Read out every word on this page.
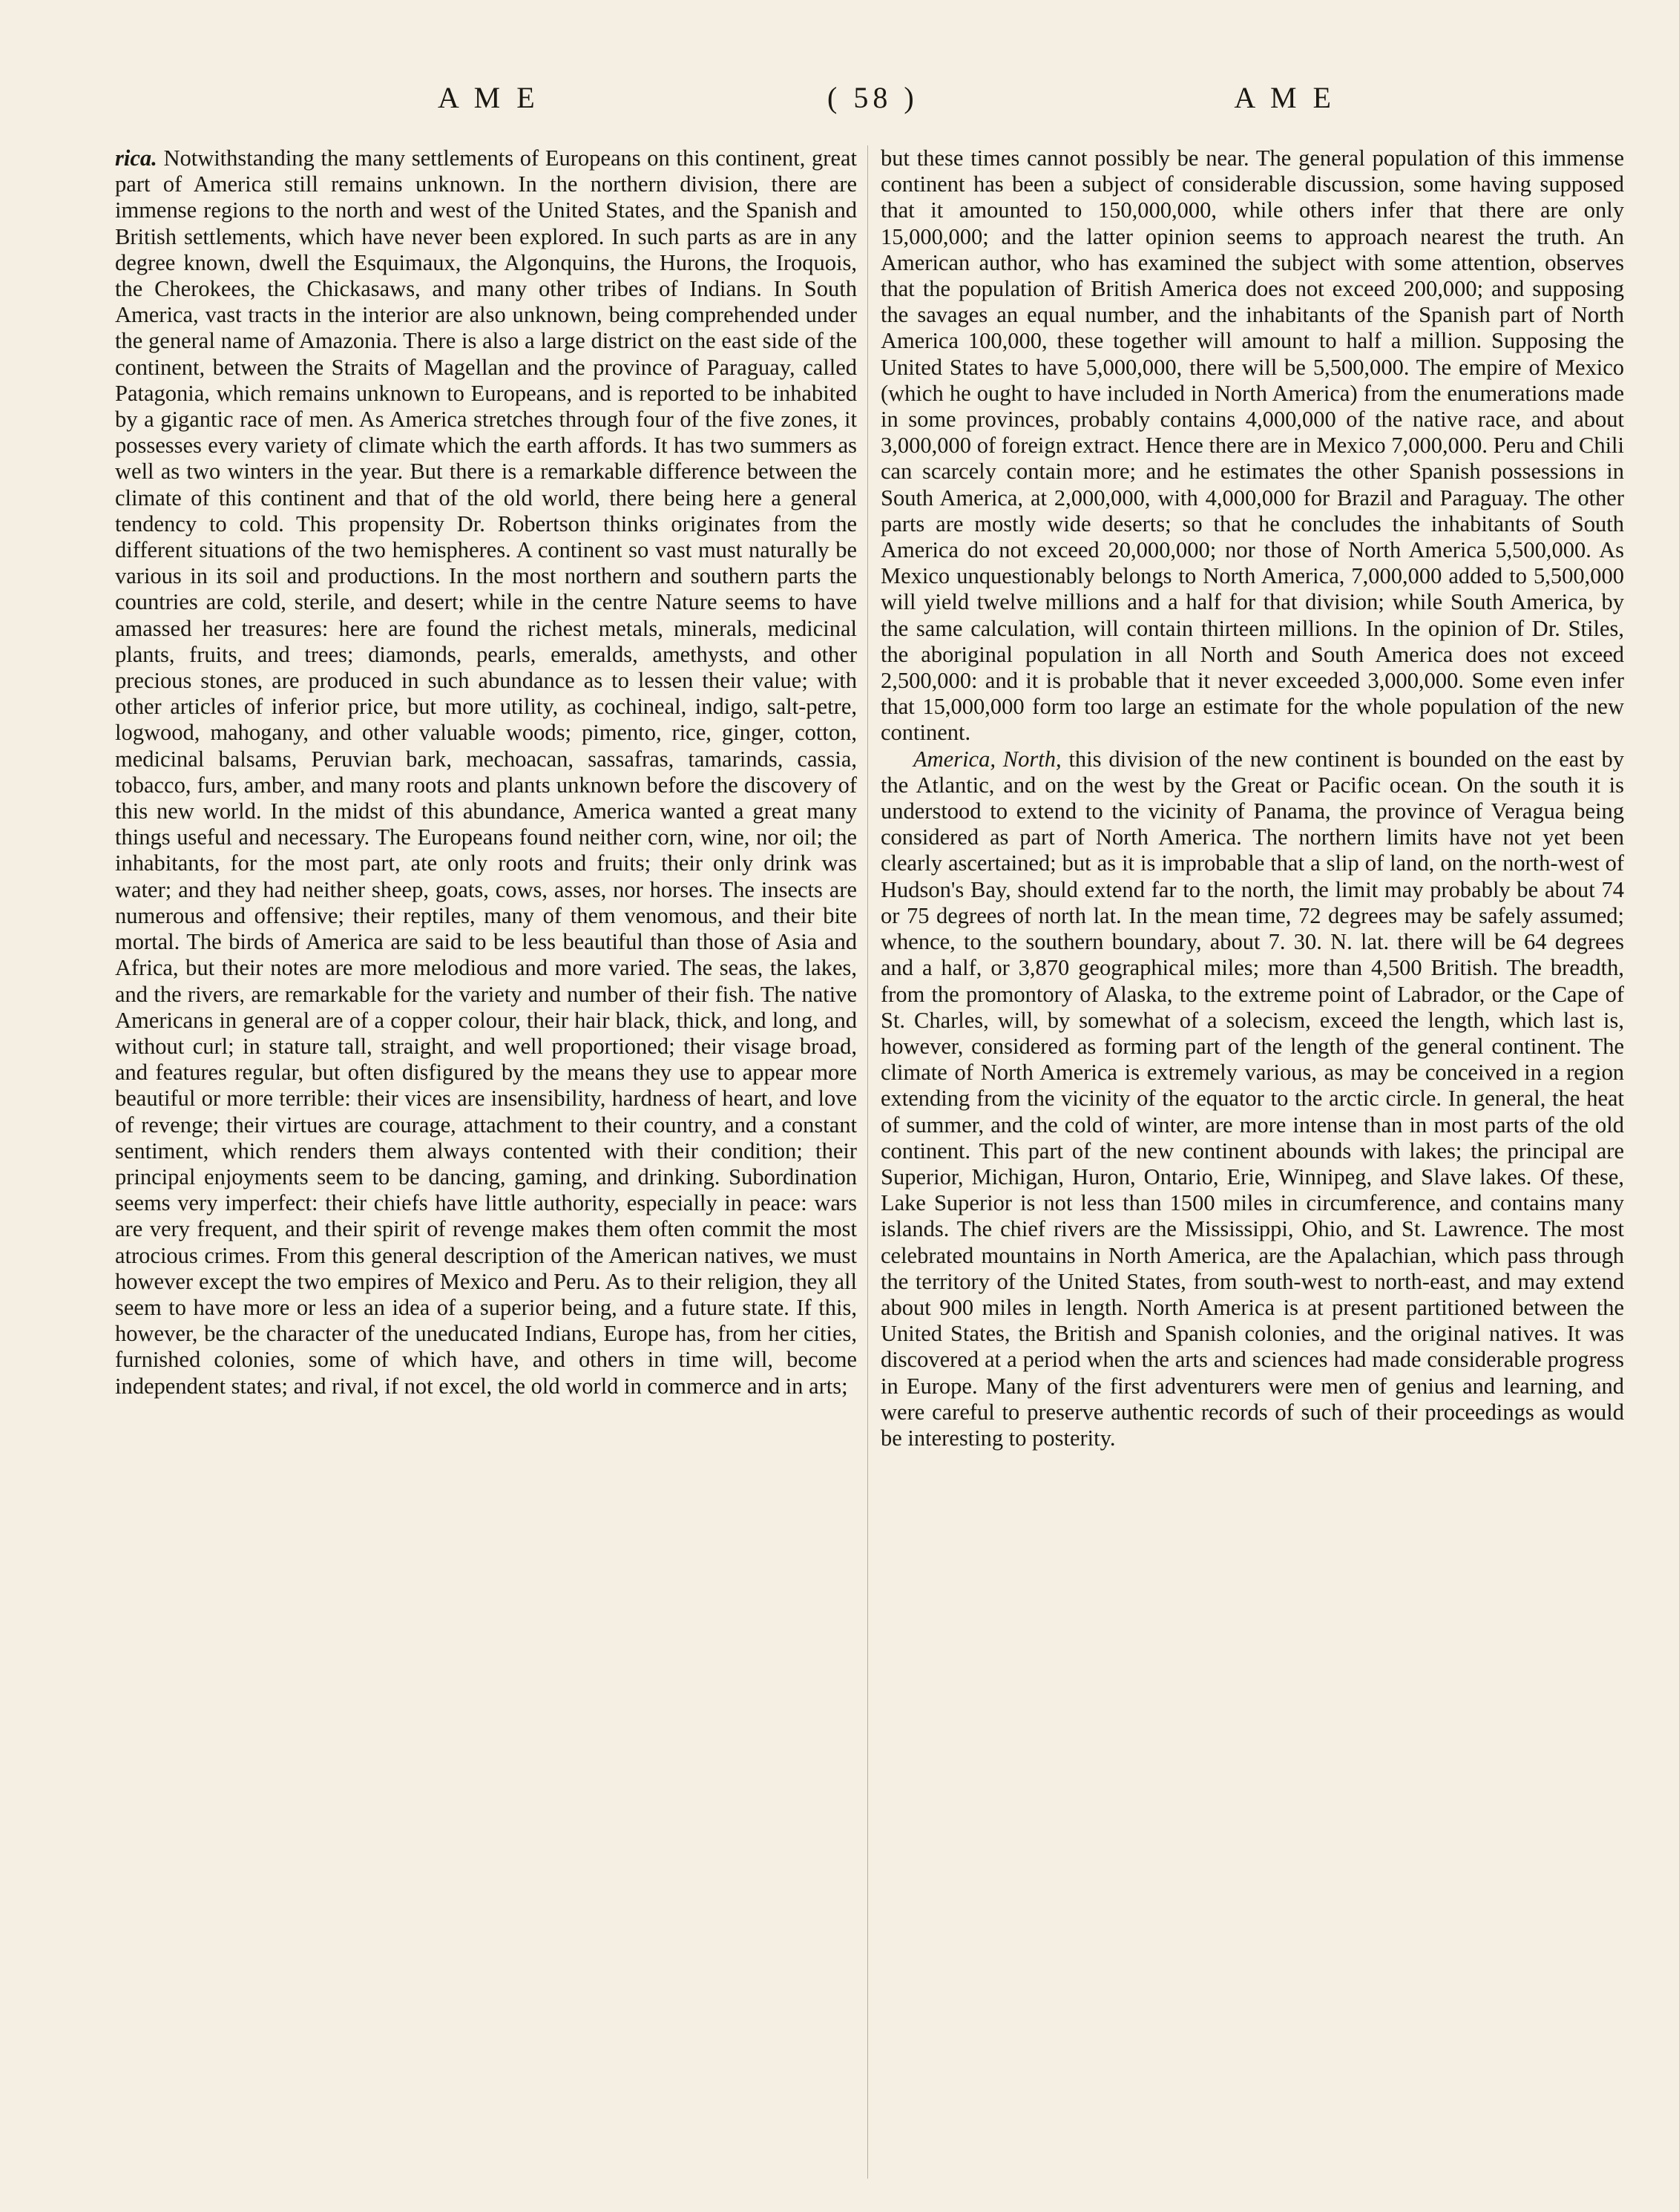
A M E	( 58 )	A M E

rica. Notwithstanding the many settlements of Europeans on this continent, great part of America still remains unknown. In the northern division, there are immense regions to the north and west of the United States, and the Spanish and British settlements, which have never been explored. In such parts as are in any degree known, dwell the Esquimaux, the Algonquins, the Hurons, the Iroquois, the Cherokees, the Chickasaws, and many other tribes of Indians. In South America, vast tracts in the interior are also unknown, being comprehended under the general name of Amazonia. There is also a large district on the east side of the continent, between the Straits of Magellan and the province of Paraguay, called Patagonia, which remains unknown to Europeans, and is reported to be inhabited by a gigantic race of men. As America stretches through four of the five zones, it possesses every variety of climate which the earth affords. It has two summers as well as two winters in the year. But there is a remarkable difference between the climate of this continent and that of the old world, there being here a general tendency to cold. This propensity Dr. Robertson thinks originates from the different situations of the two hemispheres. A continent so vast must naturally be various in its soil and productions. In the most northern and southern parts the countries are cold, sterile, and desert; while in the centre Nature seems to have amassed her treasures: here are found the richest metals, minerals, medicinal plants, fruits, and trees; diamonds, pearls, emeralds, amethysts, and other precious stones, are produced in such abundance as to lessen their value; with other articles of inferior price, but more utility, as cochineal, indigo, salt-petre, logwood, mahogany, and other valuable woods; pimento, rice, ginger, cotton, medicinal balsams, Peruvian bark, mechoacan, sassafras, tamarinds, cassia, tobacco, furs, amber, and many roots and plants unknown before the discovery of this new world. In the midst of this abundance, America wanted a great many things useful and necessary. The Europeans found neither corn, wine, nor oil; the inhabitants, for the most part, ate only roots and fruits; their only drink was water; and they had neither sheep, goats, cows, asses, nor horses. The insects are numerous and offensive; their reptiles, many of them venomous, and their bite mortal. The birds of America are said to be less beautiful than those of Asia and Africa, but their notes are more melodious and more varied. The seas, the lakes, and the rivers, are remarkable for the variety and number of their fish. The native Americans in general are of a copper colour, their hair black, thick, and long, and without curl; in stature tall, straight, and well proportioned; their visage broad, and features regular, but often disfigured by the means they use to appear more beautiful or more terrible: their vices are insensibility, hardness of heart, and love of revenge; their virtues are courage, attachment to their country, and a constant sentiment, which renders them always contented with their condition; their principal enjoyments seem to be dancing, gaming, and drinking. Subordination seems very imperfect: their chiefs have little authority, especially in peace: wars are very frequent, and their spirit of revenge makes them often commit the most atrocious crimes. From this general description of the American natives, we must however except the two empires of Mexico and Peru. As to their religion, they all seem to have more or less an idea of a superior being, and a future state. If this, however, be the character of the uneducated Indians, Europe has, from her cities, furnished colonies, some of which have, and others in time will, become independent states; and rival, if not excel, the old world in commerce and in arts;

but these times cannot possibly be near. The general population of this immense continent has been a subject of considerable discussion, some having supposed that it amounted to 150,000,000, while others infer that there are only 15,000,000; and the latter opinion seems to approach nearest the truth. An American author, who has examined the subject with some attention, observes that the population of British America does not exceed 200,000; and supposing the savages an equal number, and the inhabitants of the Spanish part of North America 100,000, these together will amount to half a million. Supposing the United States to have 5,000,000, there will be 5,500,000. The empire of Mexico (which he ought to have included in North America) from the enumerations made in some provinces, probably contains 4,000,000 of the native race, and about 3,000,000 of foreign extract. Hence there are in Mexico 7,000,000. Peru and Chili can scarcely contain more; and he estimates the other Spanish possessions in South America, at 2,000,000, with 4,000,000 for Brazil and Paraguay. The other parts are mostly wide deserts; so that he concludes the inhabitants of South America do not exceed 20,000,000; nor those of North America 5,500,000. As Mexico unquestionably belongs to North America, 7,000,000 added to 5,500,000 will yield twelve millions and a half for that division; while South America, by the same calculation, will contain thirteen millions. In the opinion of Dr. Stiles, the aboriginal population in all North and South America does not exceed 2,500,000: and it is probable that it never exceeded 3,000,000. Some even infer that 15,000,000 form too large an estimate for the whole population of the new continent.

America, North, this division of the new continent is bounded on the east by the Atlantic, and on the west by the Great or Pacific ocean. On the south it is understood to extend to the vicinity of Panama, the province of Veragua being considered as part of North America. The northern limits have not yet been clearly ascertained; but as it is improbable that a slip of land, on the north-west of Hudson's Bay, should extend far to the north, the limit may probably be about 74 or 75 degrees of north lat. In the mean time, 72 degrees may be safely assumed; whence, to the southern boundary, about 7. 30. N. lat. there will be 64 degrees and a half, or 3,870 geographical miles; more than 4,500 British. The breadth, from the promontory of Alaska, to the extreme point of Labrador, or the Cape of St. Charles, will, by somewhat of a solecism, exceed the length, which last is, however, considered as forming part of the length of the general continent. The climate of North America is extremely various, as may be conceived in a region extending from the vicinity of the equator to the arctic circle. In general, the heat of summer, and the cold of winter, are more intense than in most parts of the old continent. This part of the new continent abounds with lakes; the principal are Superior, Michigan, Huron, Ontario, Erie, Winnipeg, and Slave lakes. Of these, Lake Superior is not less than 1500 miles in circumference, and contains many islands. The chief rivers are the Mississippi, Ohio, and St. Lawrence. The most celebrated mountains in North America, are the Apalachian, which pass through the territory of the United States, from south-west to north-east, and may extend about 900 miles in length. North America is at present partitioned between the United States, the British and Spanish colonies, and the original natives. It was discovered at a period when the arts and sciences had made considerable progress in Europe. Many of the first adventurers were men of genius and learning, and were careful to preserve authentic records of such of their proceedings as would be interesting to posterity.
